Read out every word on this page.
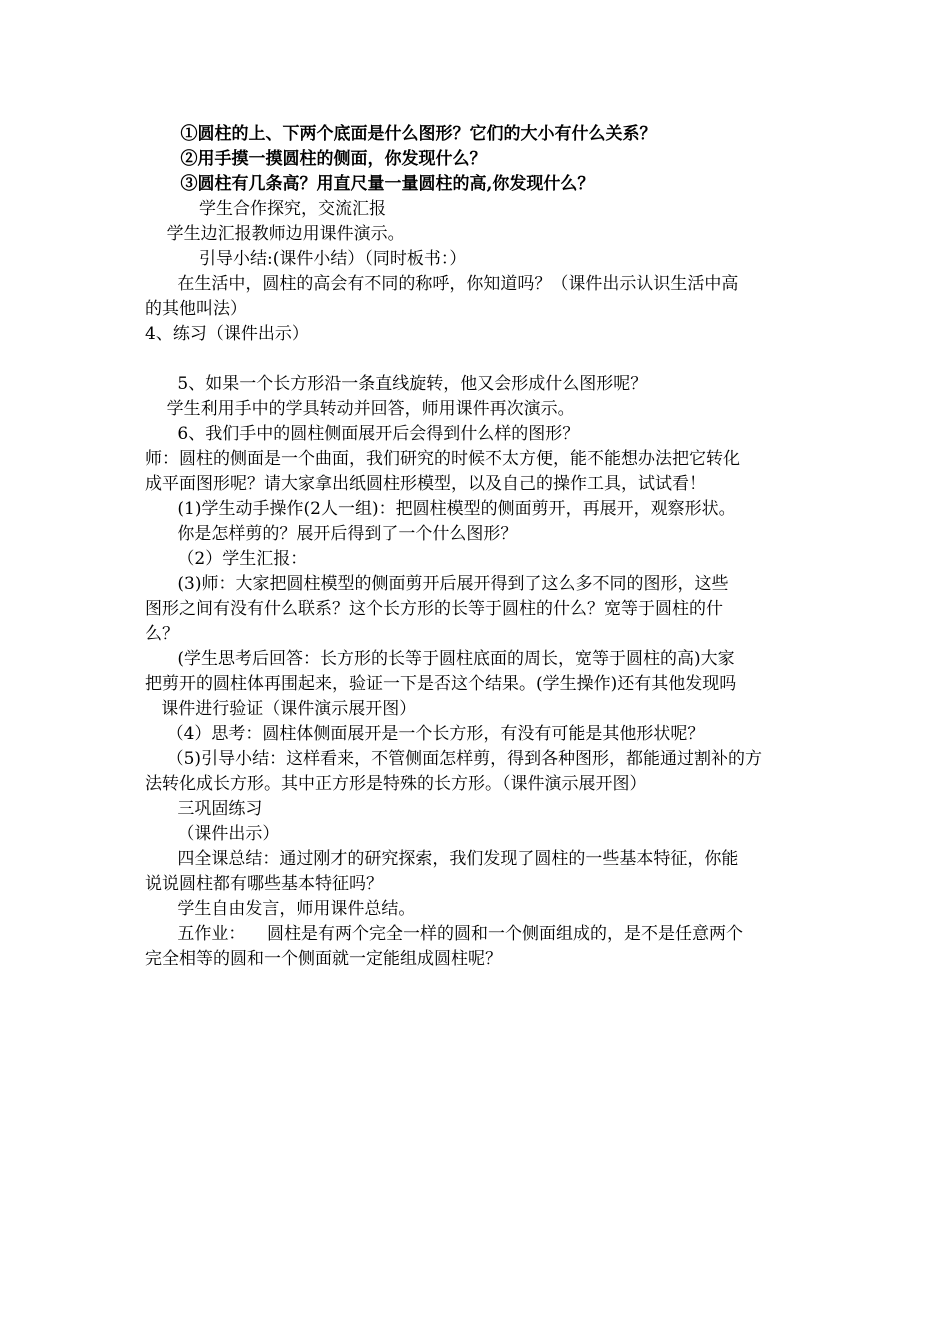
①圆柱的上、下两个底面是什么图形？它们的大小有什么关系？
②用手摸一摸圆柱的侧面，你发现什么？
③圆柱有几条高？用直尺量一量圆柱的高,你发现什么？
学生合作探究，交流汇报
学生边汇报教师边用课件演示。
引导小结:(课件小结）（同时板书：）
在生活中，圆柱的高会有不同的称呼，你知道吗？（课件出示认识生活中高
的其他叫法）
4、练习（课件出示）
5、如果一个长方形沿一条直线旋转，他又会形成什么图形呢？
学生利用手中的学具转动并回答，师用课件再次演示。
6、我们手中的圆柱侧面展开后会得到什么样的图形？
师：圆柱的侧面是一个曲面，我们研究的时候不太方便，能不能想办法把它转化
成平面图形呢？请大家拿出纸圆柱形模型，以及自己的操作工具，试试看！
(1)学生动手操作(2人一组)：把圆柱模型的侧面剪开，再展开，观察形状。
你是怎样剪的？展开后得到了一个什么图形？
（2）学生汇报：
(3)师：大家把圆柱模型的侧面剪开后展开得到了这么多不同的图形，这些
图形之间有没有什么联系？这个长方形的长等于圆柱的什么？宽等于圆柱的什
么？
(学生思考后回答：长方形的长等于圆柱底面的周长，宽等于圆柱的高)大家
把剪开的圆柱体再围起来，验证一下是否这个结果。(学生操作)还有其他发现吗
课件进行验证（课件演示展开图）
（4）思考：圆柱体侧面展开是一个长方形，有没有可能是其他形状呢？
（5)引导小结：这样看来，不管侧面怎样剪，得到各种图形，都能通过割补的方
法转化成长方形。其中正方形是特殊的长方形。（课件演示展开图）
三巩固练习
（课件出示）
四全课总结：通过刚才的研究探索，我们发现了圆柱的一些基本特征，你能
说说圆柱都有哪些基本特征吗？
学生自由发言，师用课件总结。
五作业：    圆柱是有两个完全一样的圆和一个侧面组成的，是不是任意两个
完全相等的圆和一个侧面就一定能组成圆柱呢？
